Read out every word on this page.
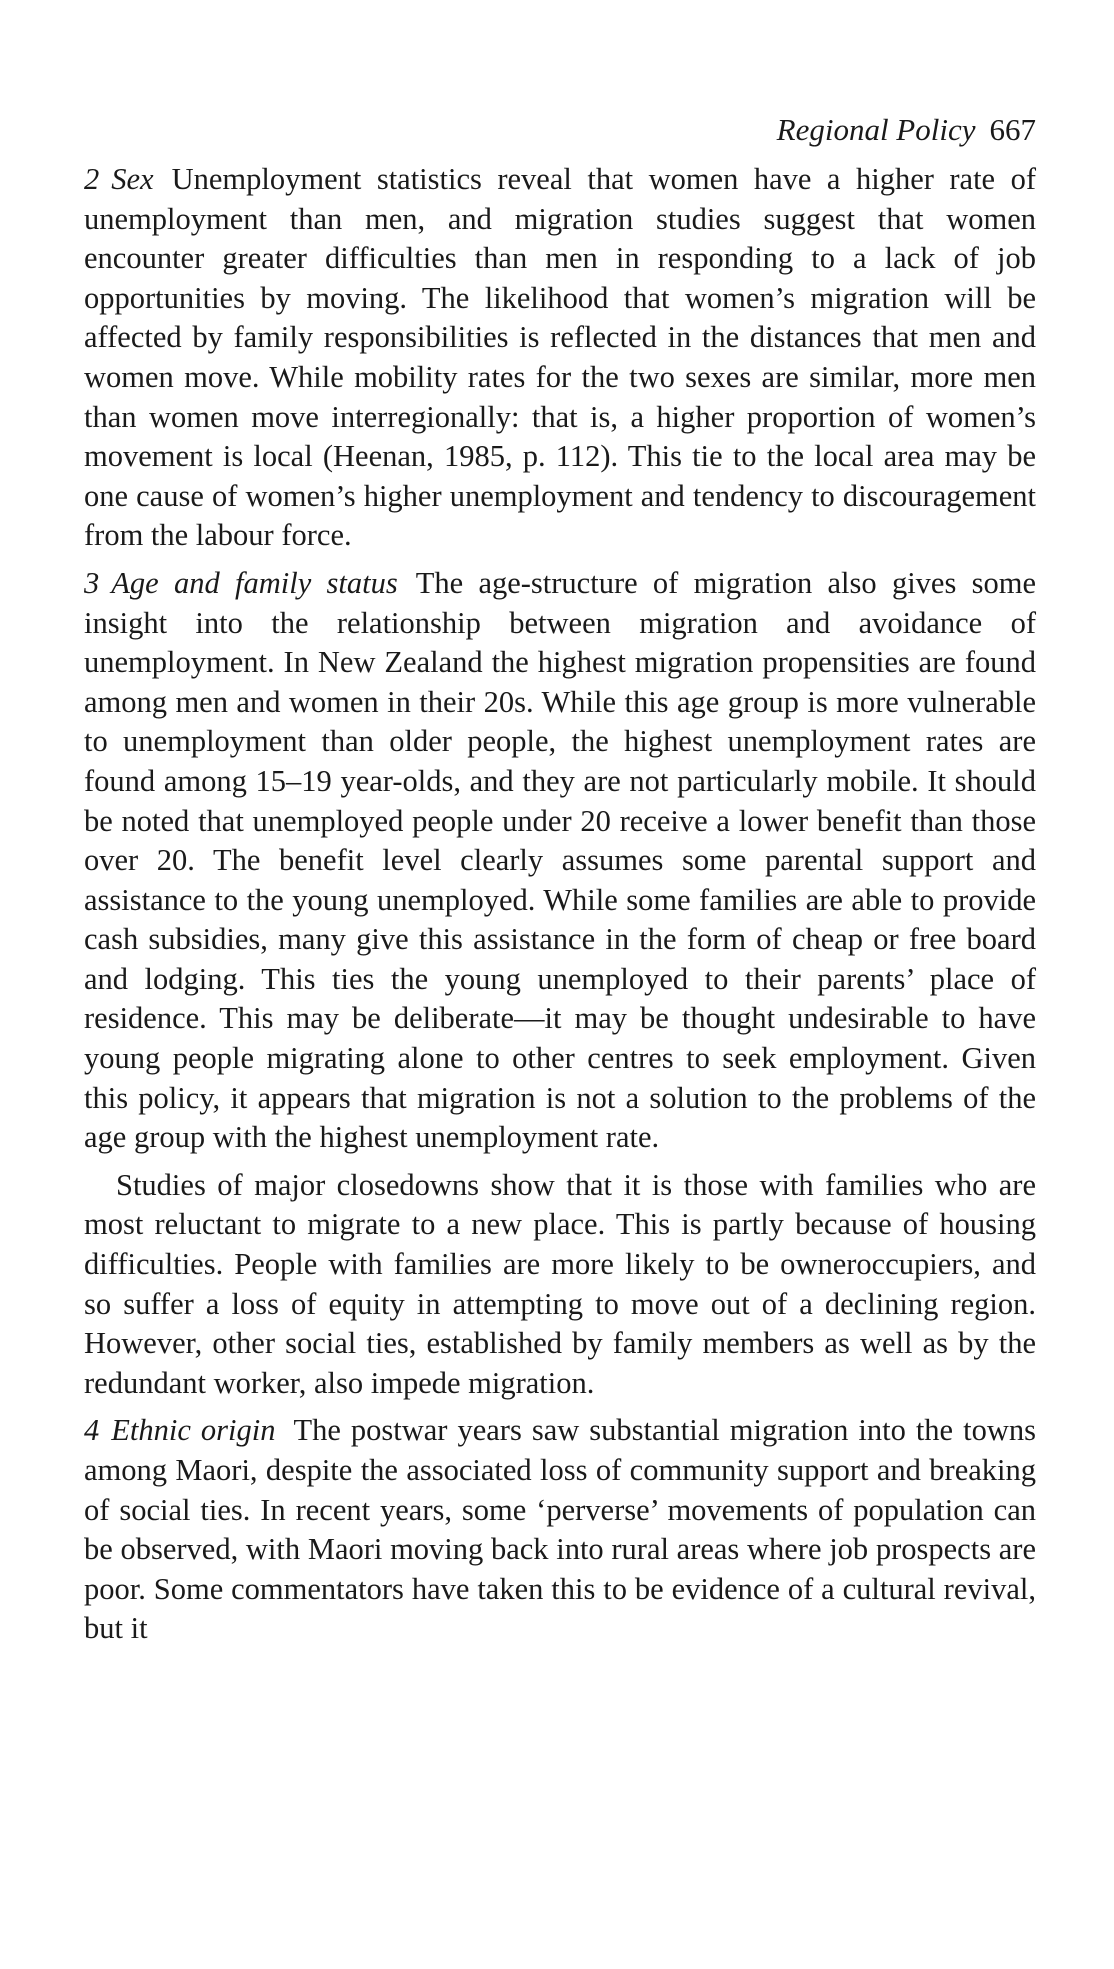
Regional Policy 667

2 Sex Unemployment statistics reveal that women have a higher rate of unemployment than men, and migration studies suggest that women encounter greater difficulties than men in responding to a lack of job opportunities by moving. The likelihood that women’s migration will be affected by family responsibilities is reflected in the distances that men and women move. While mobility rates for the two sexes are similar, more men than women move interregionally: that is, a higher proportion of women’s movement is local (Heenan, 1985, p. 112). This tie to the local area may be one cause of women’s higher unemployment and tendency to discouragement from the labour force.

3 Age and family status The age-structure of migration also gives some insight into the relationship between migration and avoidance of unemployment. In New Zealand the highest migration propensities are found among men and women in their 20s. While this age group is more vulnerable to unemployment than older people, the highest unemployment rates are found among 15–19 year-olds, and they are not particularly mobile. It should be noted that unemployed people under 20 receive a lower benefit than those over 20. The benefit level clearly assumes some parental support and assistance to the young unemployed. While some families are able to provide cash subsidies, many give this assistance in the form of cheap or free board and lodging. This ties the young unemployed to their parents’ place of residence. This may be deliberate—it may be thought undesirable to have young people migrating alone to other centres to seek employment. Given this policy, it appears that migration is not a solution to the problems of the age group with the highest unemployment rate.

Studies of major closedowns show that it is those with families who are most reluctant to migrate to a new place. This is partly because of housing difficulties. People with families are more likely to be owneroccupiers, and so suffer a loss of equity in attempting to move out of a declining region. However, other social ties, established by family members as well as by the redundant worker, also impede migration.

4 Ethnic origin The postwar years saw substantial migration into the towns among Maori, despite the associated loss of community support and breaking of social ties. In recent years, some ‘perverse’ movements of population can be observed, with Maori moving back into rural areas where job prospects are poor. Some commentators have taken this to be evidence of a cultural revival, but it
